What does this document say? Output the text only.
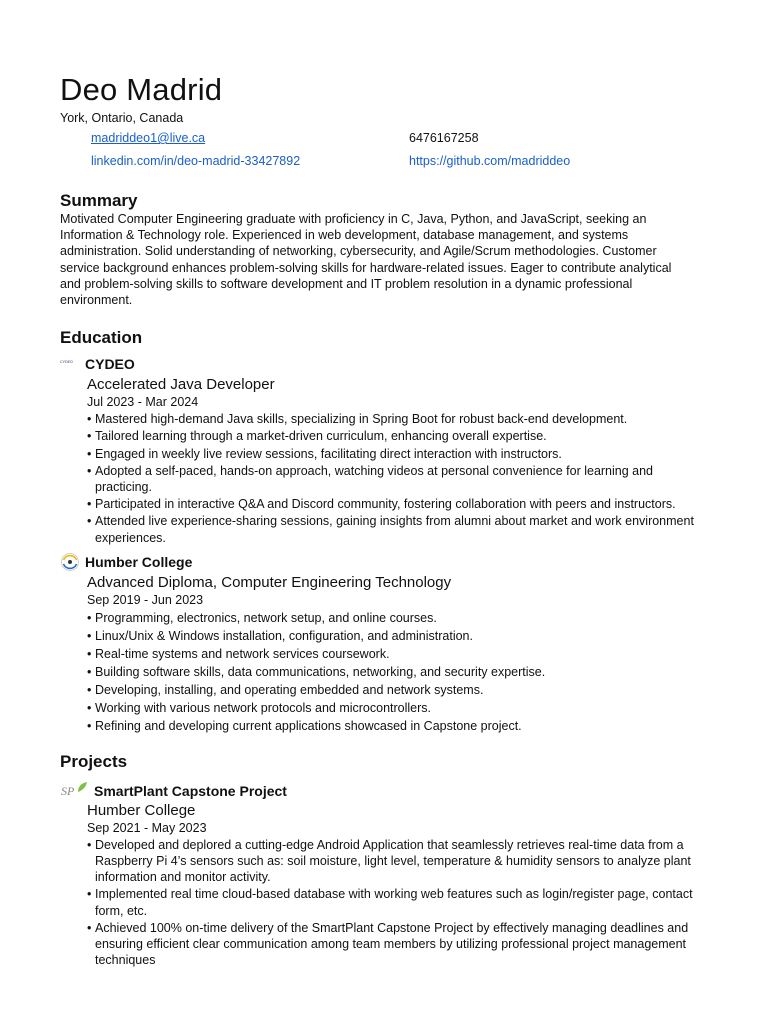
Deo Madrid
York, Ontario, Canada
madriddeo1@live.ca	6476167258
linkedin.com/in/deo-madrid-33427892	https://github.com/madriddeo
Summary
Motivated Computer Engineering graduate with proficiency in C, Java, Python, and JavaScript, seeking an Information & Technology role. Experienced in web development, database management, and systems administration. Solid understanding of networking, cybersecurity, and Agile/Scrum methodologies. Customer service background enhances problem-solving skills for hardware-related issues. Eager to contribute analytical and problem-solving skills to software development and IT problem resolution in a dynamic professional environment.
Education
CYDEO CYDEO
Accelerated Java Developer
Jul 2023 - Mar 2024
• Mastered high-demand Java skills, specializing in Spring Boot for robust back-end development.
• Tailored learning through a market-driven curriculum, enhancing overall expertise.
• Engaged in weekly live review sessions, facilitating direct interaction with instructors.
• Adopted a self-paced, hands-on approach, watching videos at personal convenience for learning and practicing.
• Participated in interactive Q&A and Discord community, fostering collaboration with peers and instructors.
• Attended live experience-sharing sessions, gaining insights from alumni about market and work environment experiences.
Humber College
Advanced Diploma, Computer Engineering Technology
Sep 2019 - Jun 2023
• Programming, electronics, network setup, and online courses.
• Linux/Unix & Windows installation, configuration, and administration.
• Real-time systems and network services coursework.
• Building software skills, data communications, networking, and security expertise.
• Developing, installing, and operating embedded and network systems.
• Working with various network protocols and microcontrollers.
• Refining and developing current applications showcased in Capstone project.
Projects
SP SmartPlant Capstone Project
Humber College
Sep 2021 - May 2023
• Developed and deplored a cutting-edge Android Application that seamlessly retrieves real-time data from a Raspberry Pi 4’s sensors such as: soil moisture, light level, temperature & humidity sensors to analyze plant information and monitor activity.
• Implemented real time cloud-based database with working web features such as login/register page, contact form, etc.
• Achieved 100% on-time delivery of the SmartPlant Capstone Project by effectively managing deadlines and ensuring efficient clear communication among team members by utilizing professional project management techniques
